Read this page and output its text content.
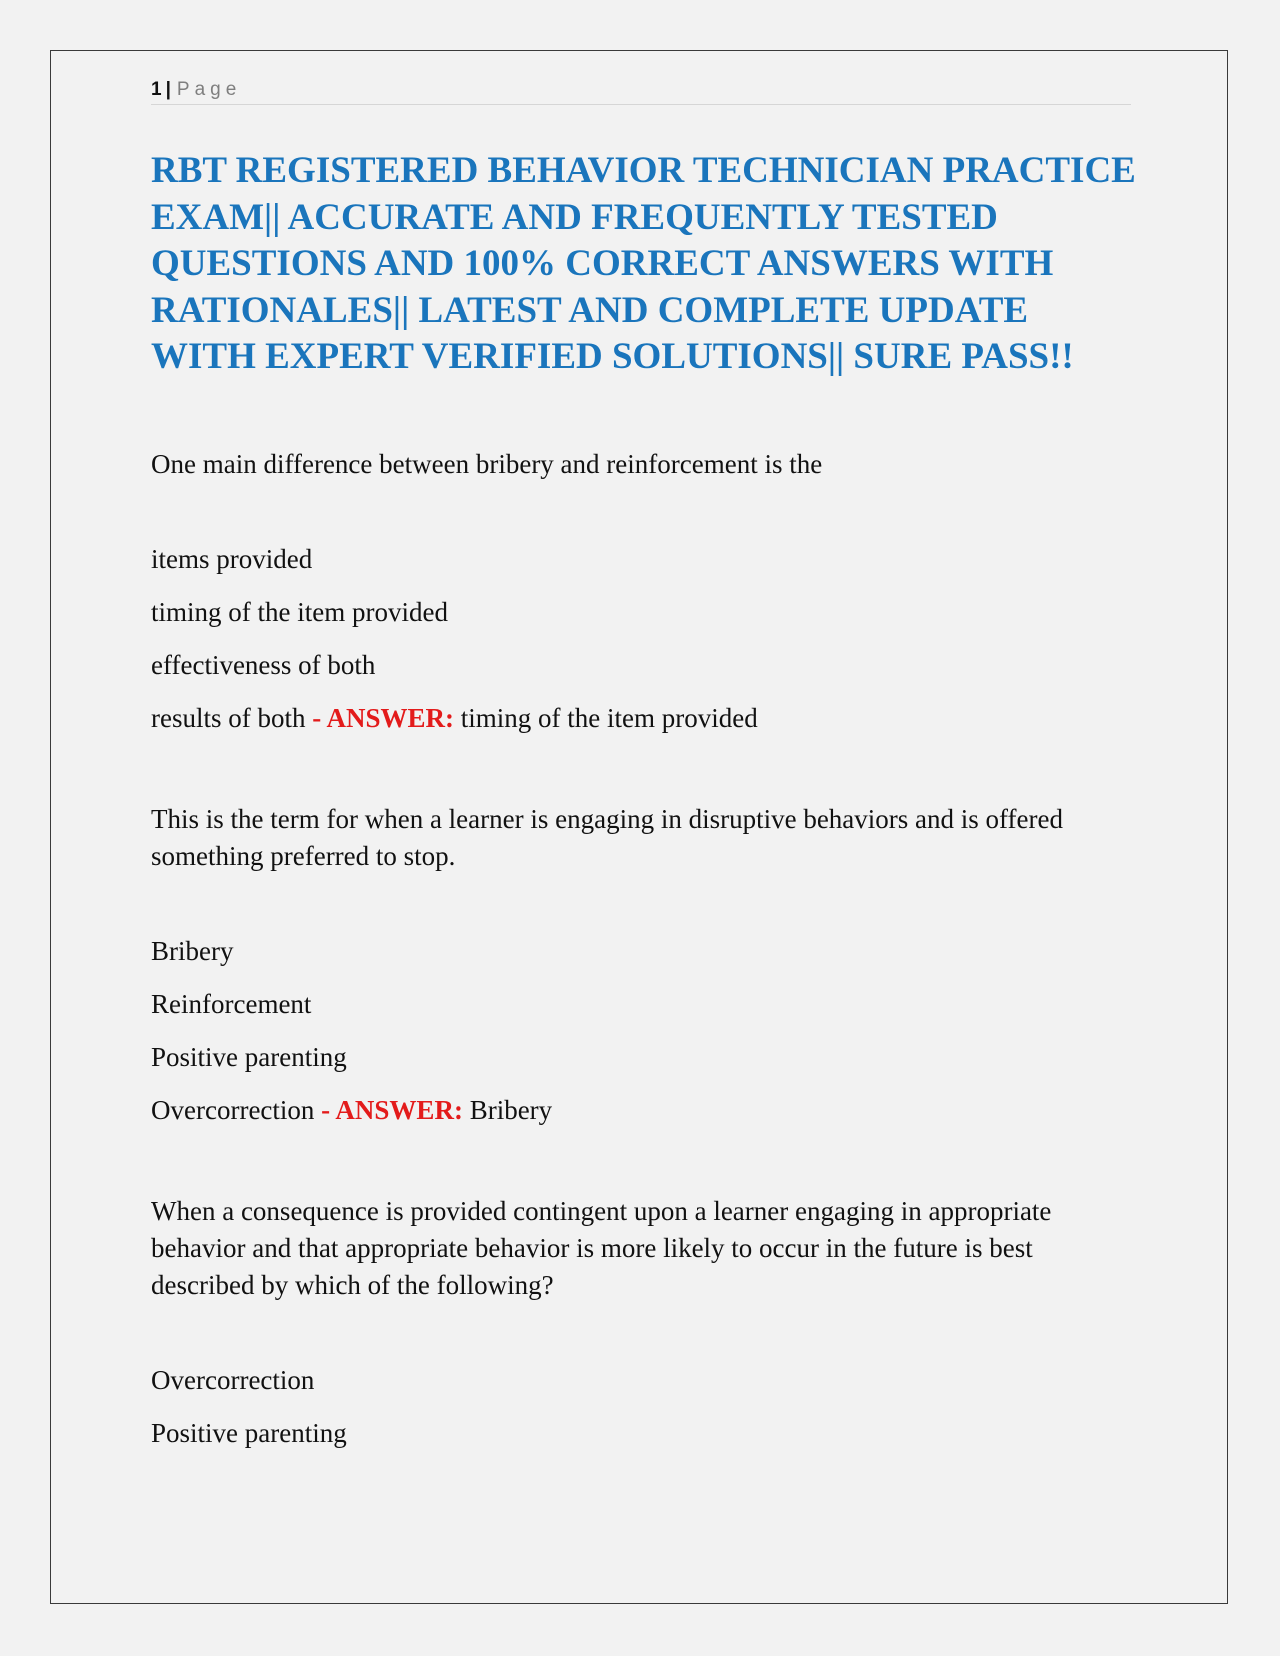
1 | Page
RBT REGISTERED BEHAVIOR TECHNICIAN PRACTICE EXAM|| ACCURATE AND FREQUENTLY TESTED QUESTIONS AND 100% CORRECT ANSWERS WITH RATIONALES|| LATEST AND COMPLETE UPDATE WITH EXPERT VERIFIED SOLUTIONS|| SURE PASS!!

One main difference between bribery and reinforcement is the

items provided
timing of the item provided
effectiveness of both
results of both - ANSWER: timing of the item provided

This is the term for when a learner is engaging in disruptive behaviors and is offered something preferred to stop.

Bribery
Reinforcement
Positive parenting
Overcorrection - ANSWER: Bribery

When a consequence is provided contingent upon a learner engaging in appropriate behavior and that appropriate behavior is more likely to occur in the future is best described by which of the following?

Overcorrection
Positive parenting
